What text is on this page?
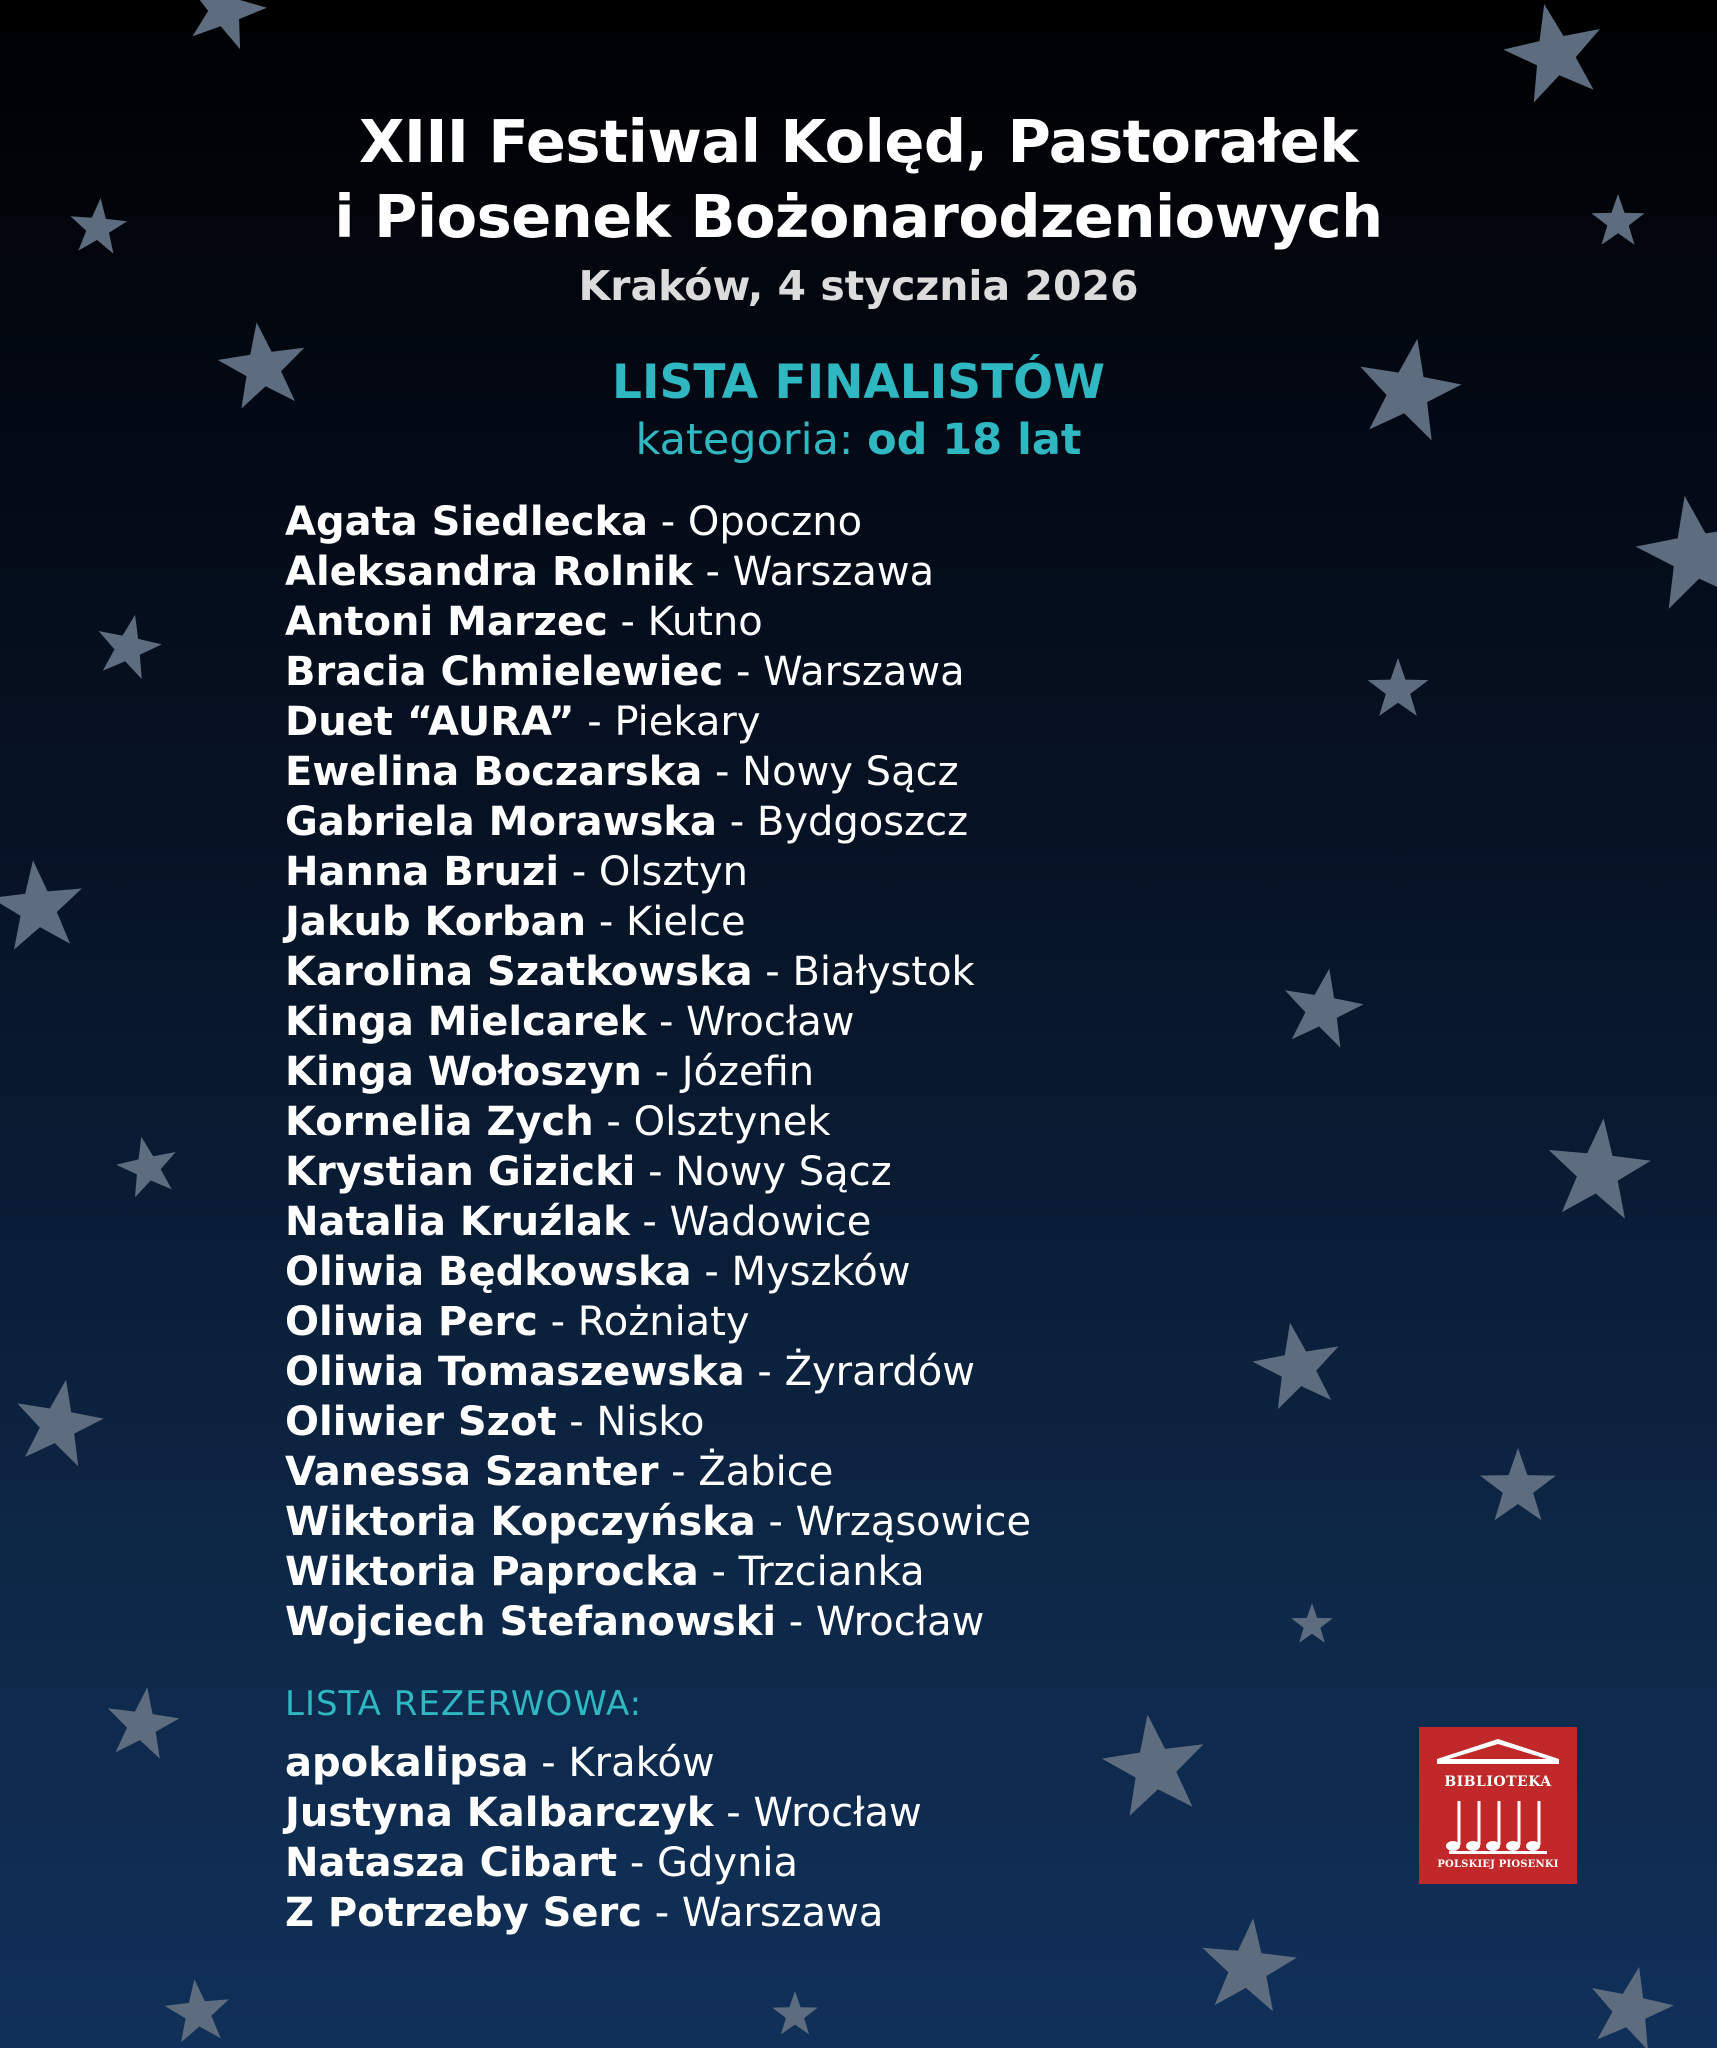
XIII Festiwal Kolęd, Pastorałek
i Piosenek Bożonarodzeniowych
Kraków, 4 stycznia 2026
LISTA FINALISTÓW
kategoria: od 18 lat
Agata Siedlecka - Opoczno
Aleksandra Rolnik - Warszawa
Antoni Marzec - Kutno
Bracia Chmielewiec - Warszawa
Duet “AURA” - Piekary
Ewelina Boczarska - Nowy Sącz
Gabriela Morawska - Bydgoszcz
Hanna Bruzi - Olsztyn
Jakub Korban - Kielce
Karolina Szatkowska - Białystok
Kinga Mielcarek - Wrocław
Kinga Wołoszyn - Józefin
Kornelia Zych - Olsztynek
Krystian Gizicki - Nowy Sącz
Natalia Kruźlak - Wadowice
Oliwia Będkowska - Myszków
Oliwia Perc - Rożniaty
Oliwia Tomaszewska - Żyrardów
Oliwier Szot - Nisko
Vanessa Szanter - Żabice
Wiktoria Kopczyńska - Wrząsowice
Wiktoria Paprocka - Trzcianka
Wojciech Stefanowski - Wrocław
LISTA REZERWOWA:
apokalipsa - Kraków
Justyna Kalbarczyk - Wrocław
Natasza Cibart - Gdynia
Z Potrzeby Serc - Warszawa
BIBLIOTEKA
POLSKIEJ PIOSENKI
